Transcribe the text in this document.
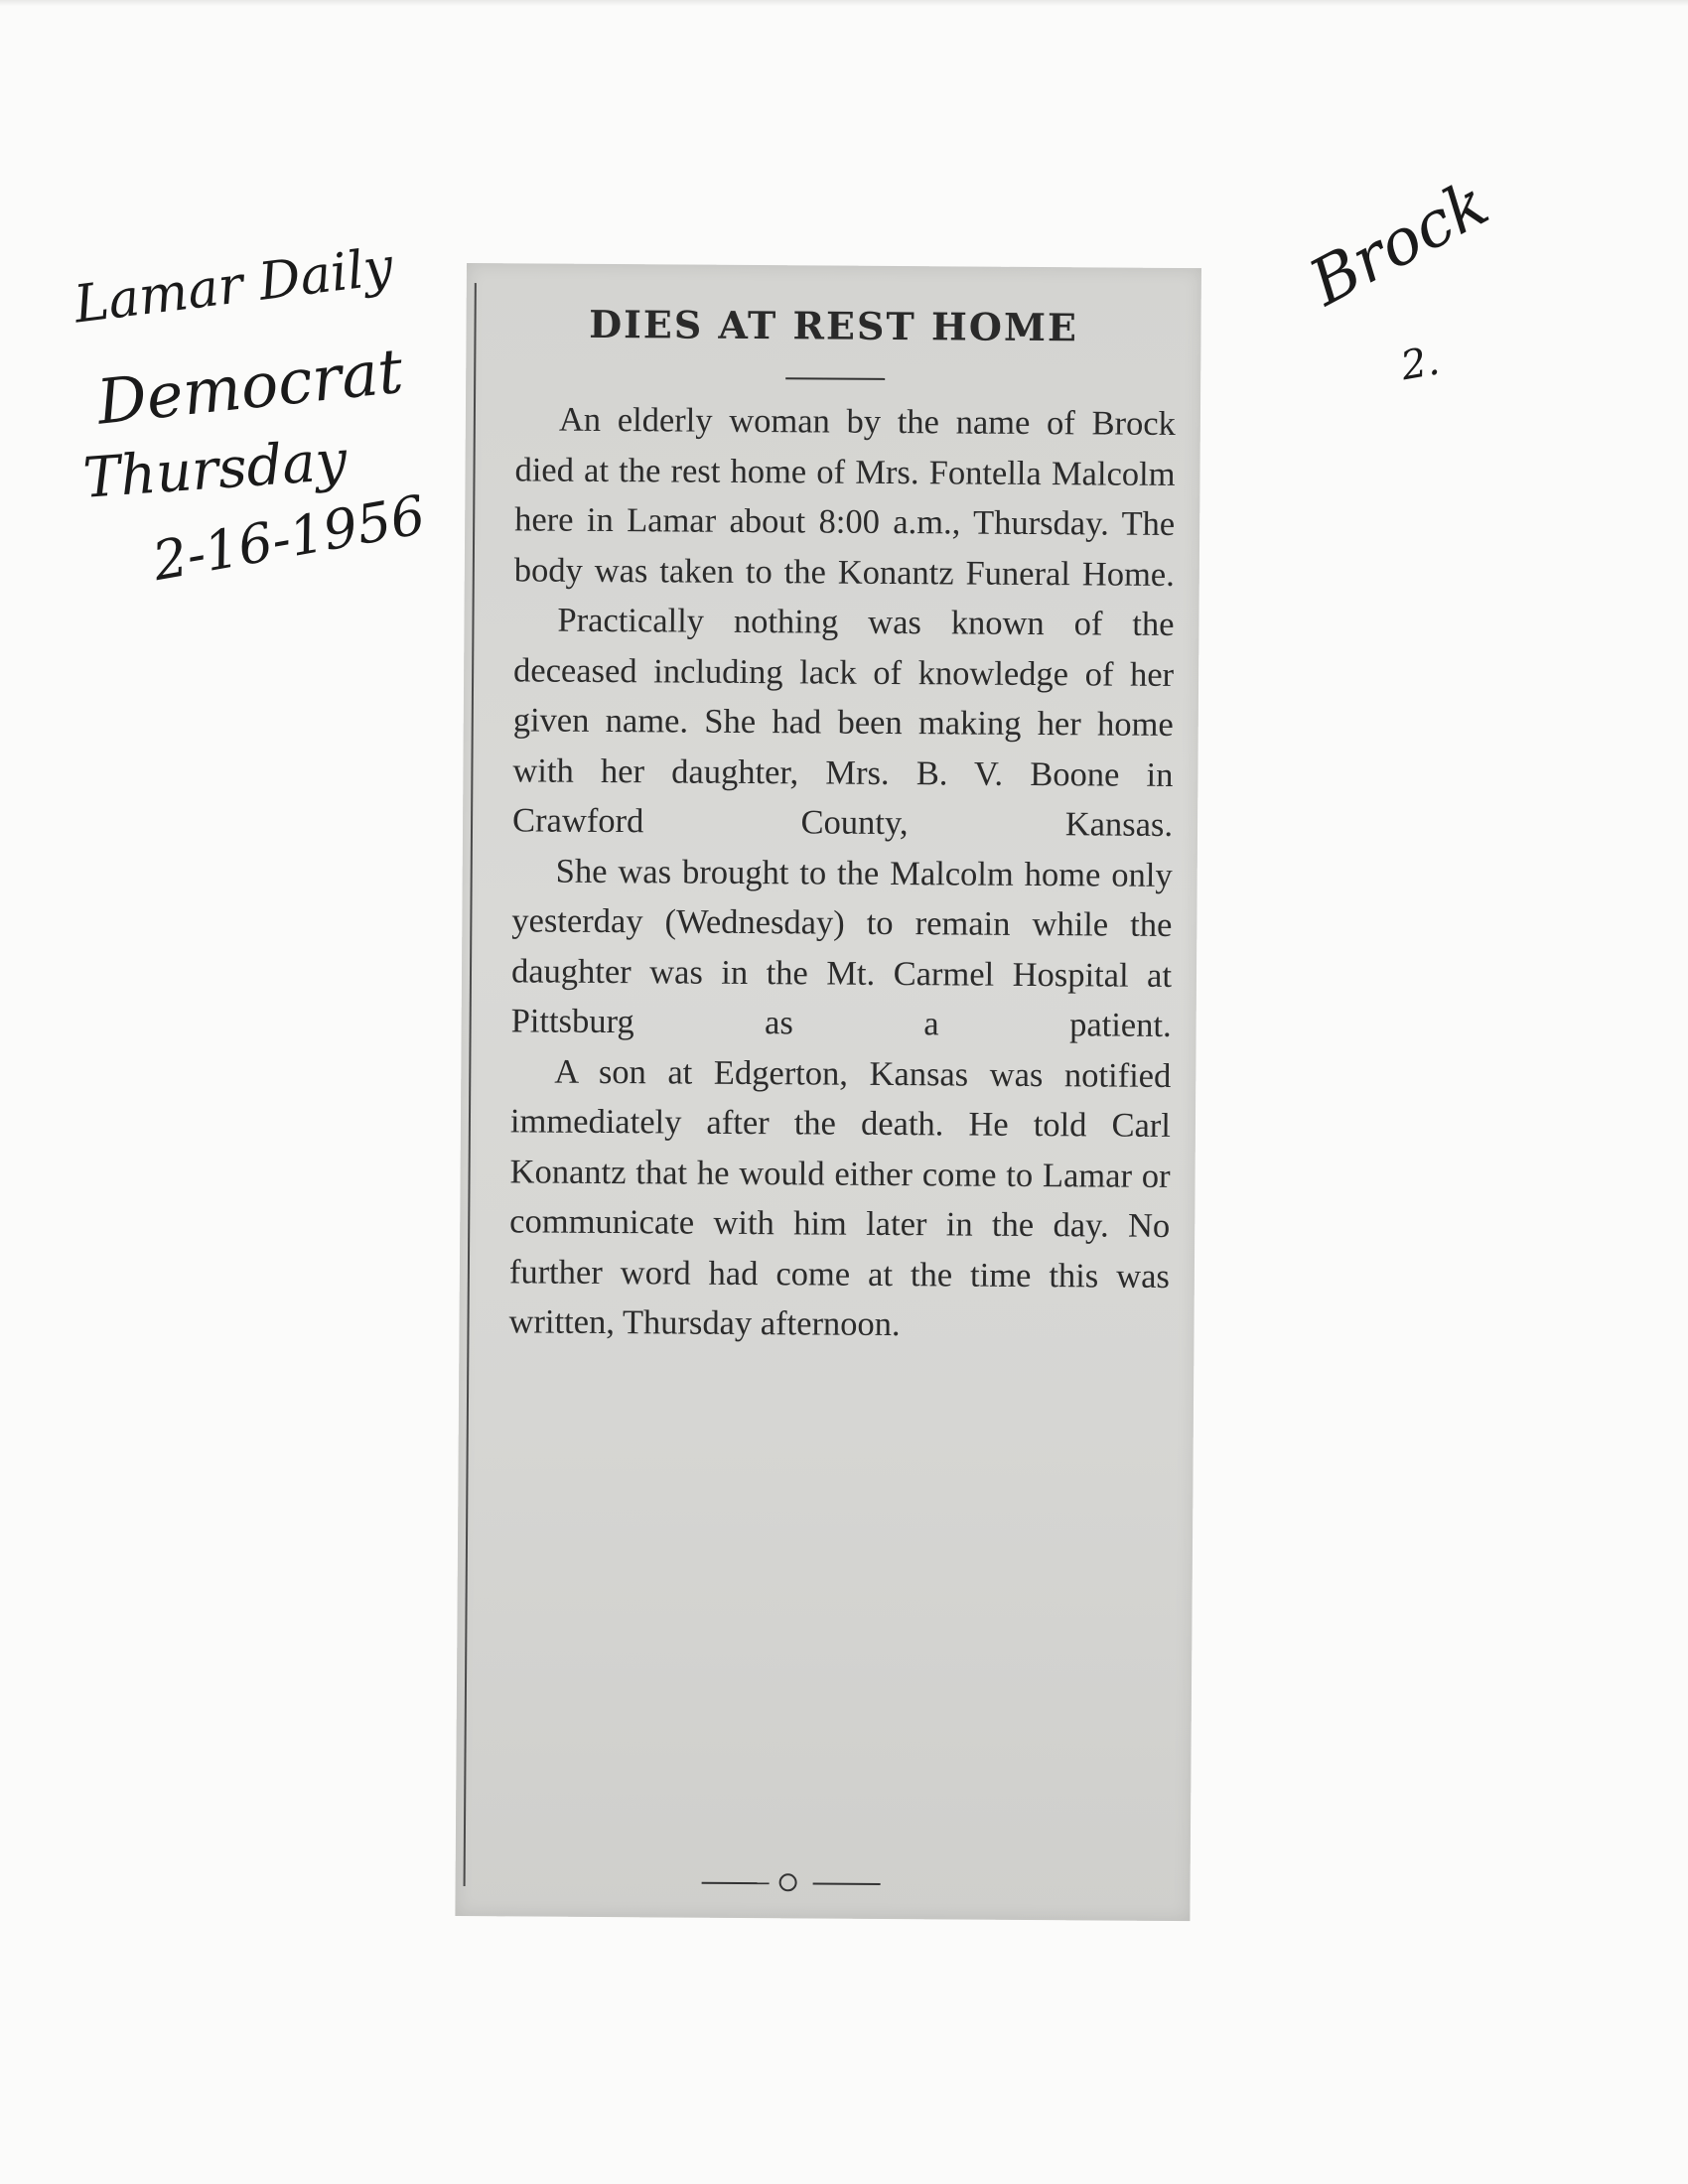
Lamar Daily
Democrat
Thursday
2-16-1956
Brock
2.
DIES AT REST HOME

An elderly woman by the name of Brock died at the rest home of Mrs. Fontella Malcolm here in Lamar about 8:00 a.m., Thursday. The body was taken to the Konantz Funeral Home.

Practically nothing was known of the deceased including lack of knowledge of her given name. She had been making her home with her daughter, Mrs. B. V. Boone in Crawford County, Kansas.

She was brought to the Malcolm home only yesterday (Wednesday) to remain while the daughter was in the Mt. Carmel Hospital at Pittsburg as a patient.

A son at Edgerton, Kansas was notified immediately after the death. He told Carl Konantz that he would either come to Lamar or communicate with him later in the day. No further word had come at the time this was written, Thursday afternoon.
